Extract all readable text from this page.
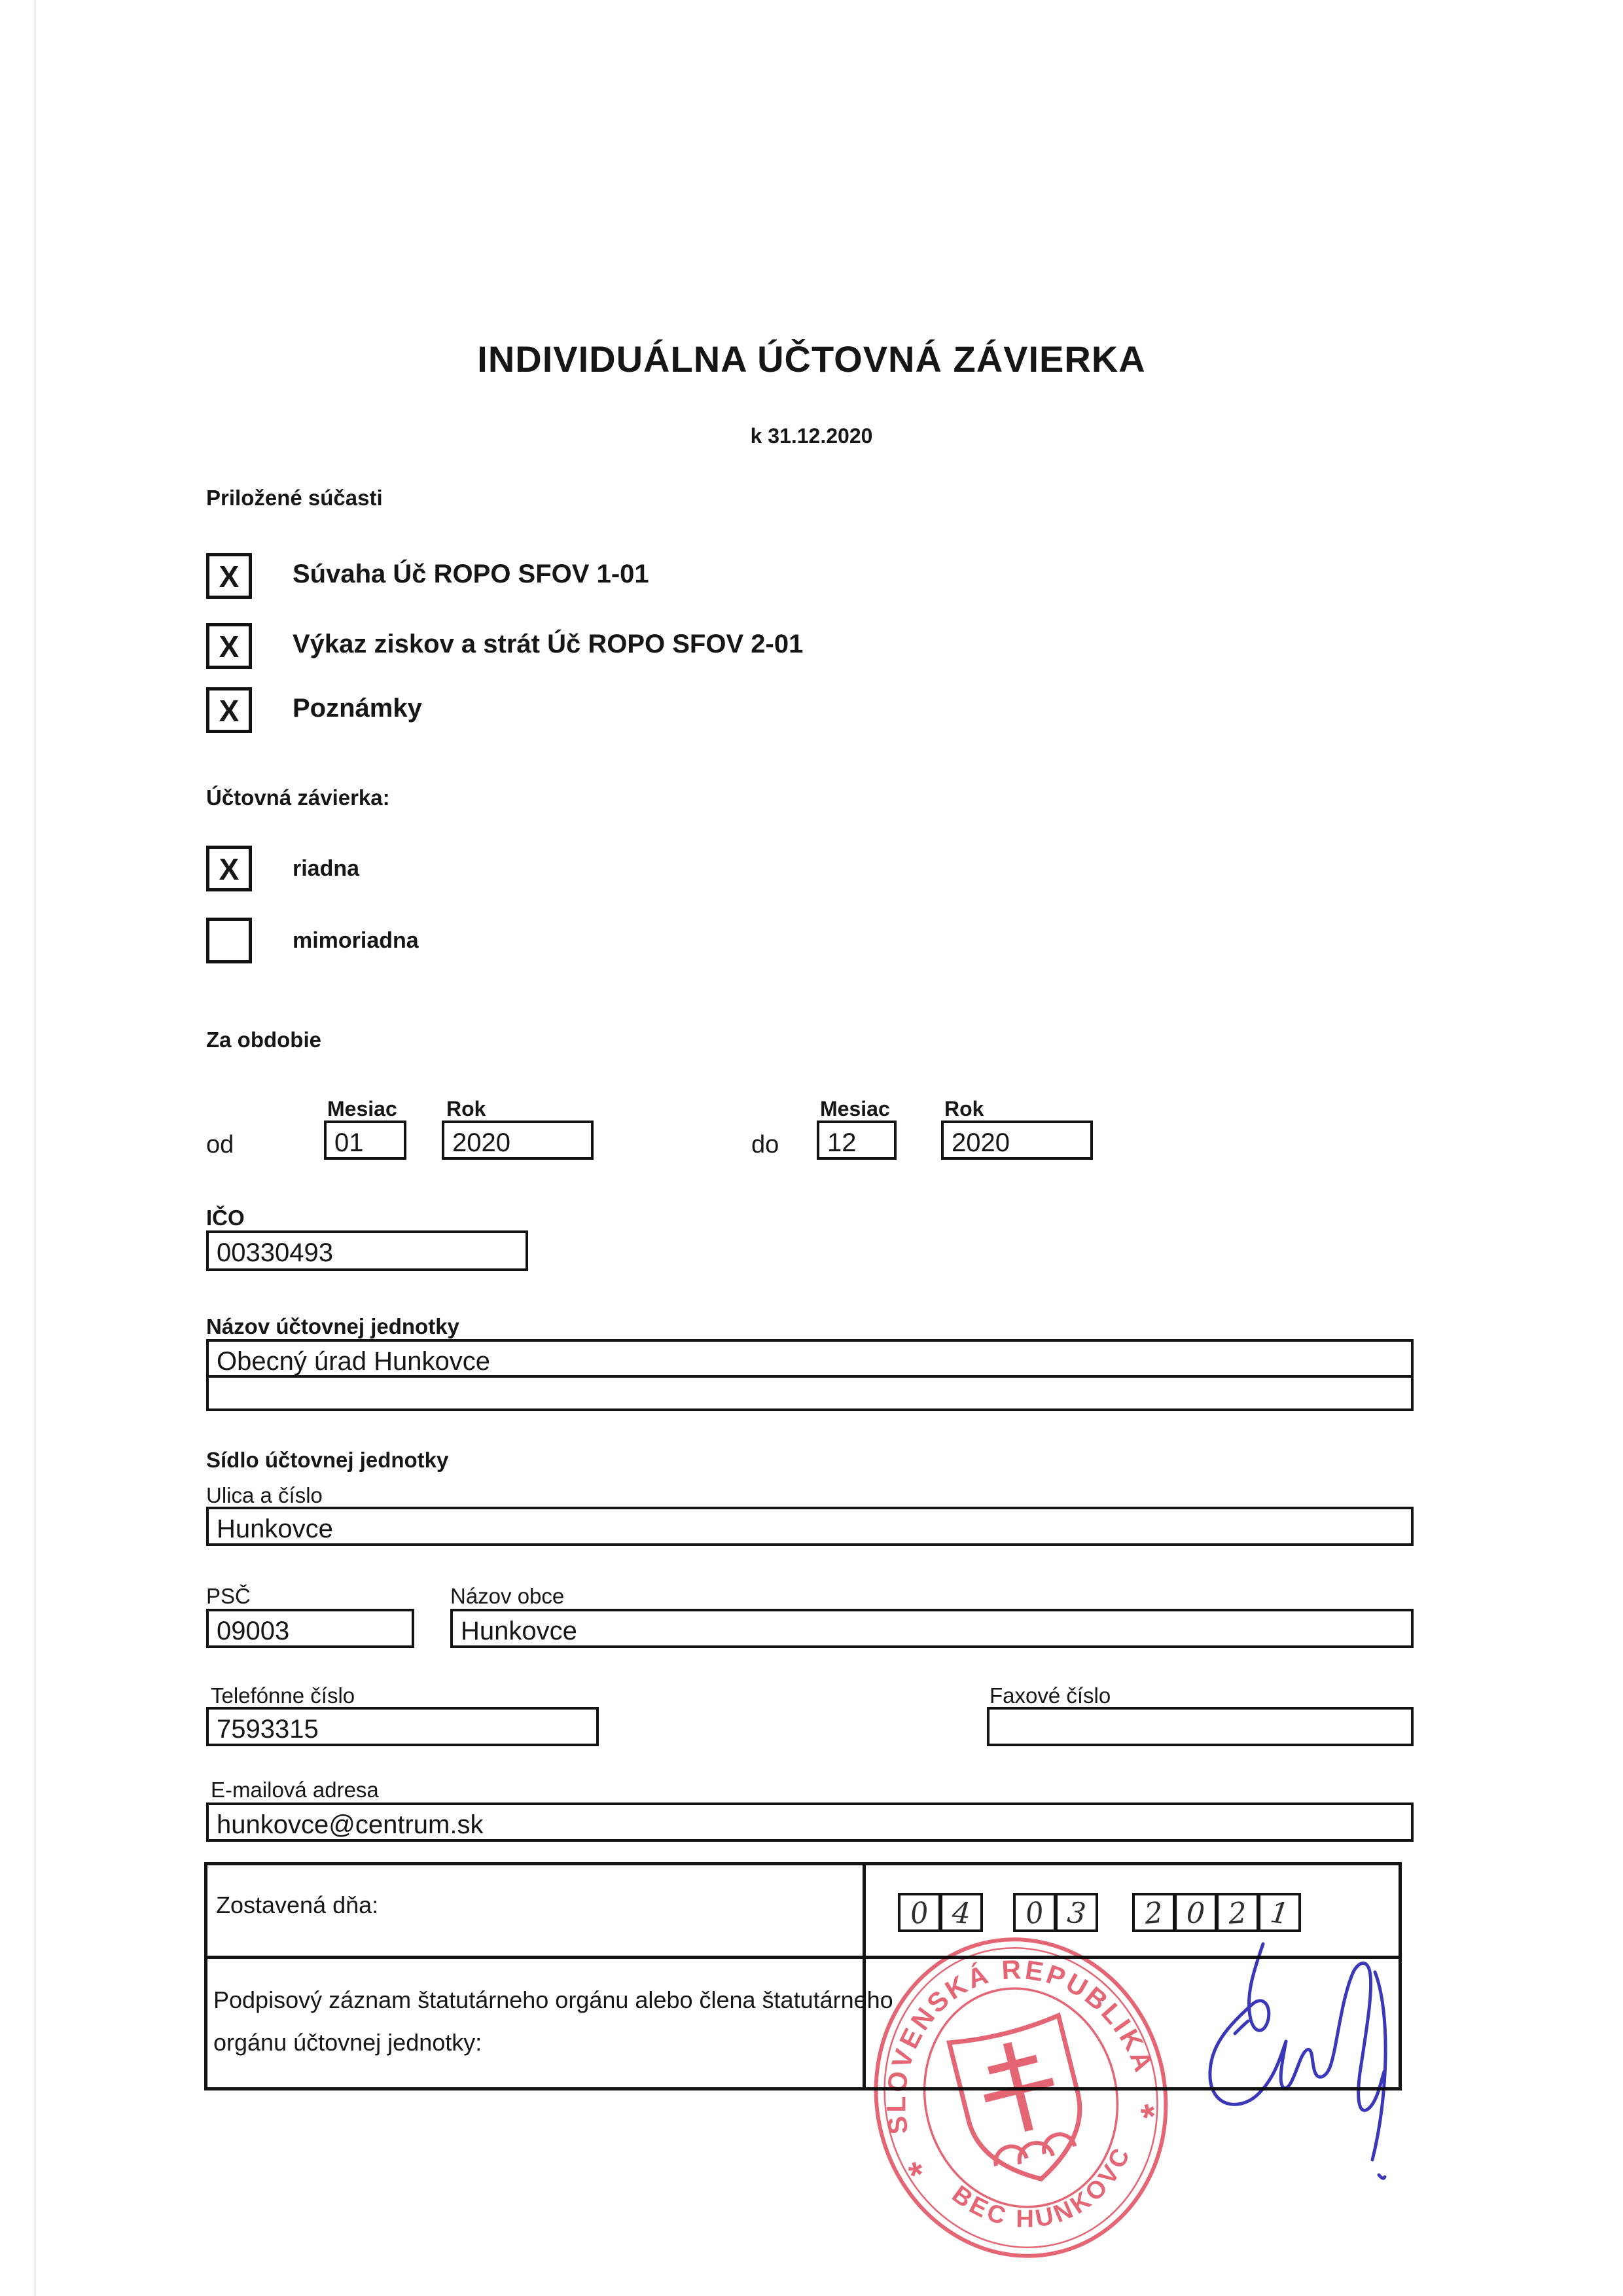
INDIVIDUÁLNA ÚČTOVNÁ ZÁVIERKA
k 31.12.2020
Priložené súčasti
X	Súvaha Úč ROPO SFOV 1-01
X	Výkaz ziskov a strát Úč ROPO SFOV 2-01
X	Poznámky
Účtovná závierka:
X	riadna
mimoriadna
Za obdobie
Mesiac Rok	Mesiac	Rok
od	01	2020	do	12	2020
IČO
00330493
Názov účtovnej jednotky
Obecný úrad Hunkovce
Sídlo účtovnej jednotky
Ulica a číslo
Hunkovce
PSČ	Názov obce
09003	Hunkovce
Telefónne číslo	Faxové číslo
7593315
E-mailová adresa
hunkovce@centrum.sk
Zostavená dňa:	0 4	0 3	2 0 2 1
Podpisový záznam štatutárneho orgánu alebo člena štatutárneho
orgánu účtovnej jednotky:
SLOVENSKÁ REPUBLIKA
OBEC HUNKOVCE
*
*
